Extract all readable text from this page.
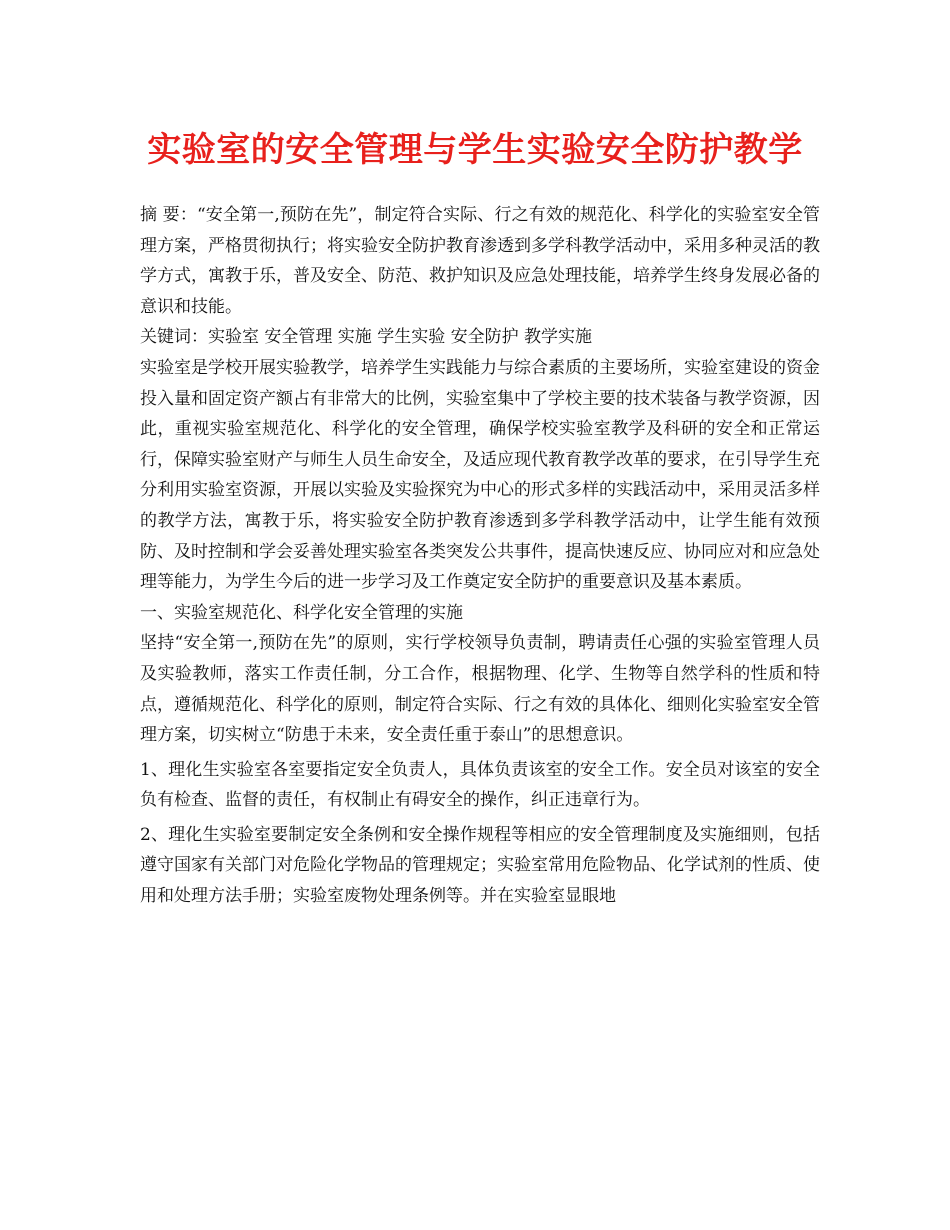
实验室的安全管理与学生实验安全防护教学

摘 要：“安全第一,预防在先”，制定符合实际、行之有效的规范化、科学化的实验室安全管理方案，严格贯彻执行；将实验安全防护教育渗透到多学科教学活动中，采用多种灵活的教学方式，寓教于乐，普及安全、防范、救护知识及应急处理技能，培养学生终身发展必备的意识和技能。

关键词：实验室 安全管理 实施 学生实验 安全防护 教学实施

实验室是学校开展实验教学，培养学生实践能力与综合素质的主要场所，实验室建设的资金投入量和固定资产额占有非常大的比例，实验室集中了学校主要的技术装备与教学资源，因此，重视实验室规范化、科学化的安全管理，确保学校实验室教学及科研的安全和正常运行，保障实验室财产与师生人员生命安全，及适应现代教育教学改革的要求，在引导学生充分利用实验室资源，开展以实验及实验探究为中心的形式多样的实践活动中，采用灵活多样的教学方法，寓教于乐，将实验安全防护教育渗透到多学科教学活动中，让学生能有效预防、及时控制和学会妥善处理实验室各类突发公共事件，提高快速反应、协同应对和应急处理等能力，为学生今后的进一步学习及工作奠定安全防护的重要意识及基本素质。

一、实验室规范化、科学化安全管理的实施

坚持“安全第一,预防在先”的原则，实行学校领导负责制，聘请责任心强的实验室管理人员及实验教师，落实工作责任制，分工合作，根据物理、化学、生物等自然学科的性质和特点，遵循规范化、科学化的原则，制定符合实际、行之有效的具体化、细则化实验室安全管理方案，切实树立“防患于未来，安全责任重于泰山”的思想意识。

1、理化生实验室各室要指定安全负责人，具体负责该室的安全工作。安全员对该室的安全负有检查、监督的责任，有权制止有碍安全的操作，纠正违章行为。

2、理化生实验室要制定安全条例和安全操作规程等相应的安全管理制度及实施细则，包括遵守国家有关部门对危险化学物品的管理规定；实验室常用危险物品、化学试剂的性质、使用和处理方法手册；实验室废物处理条例等。并在实验室显眼地
